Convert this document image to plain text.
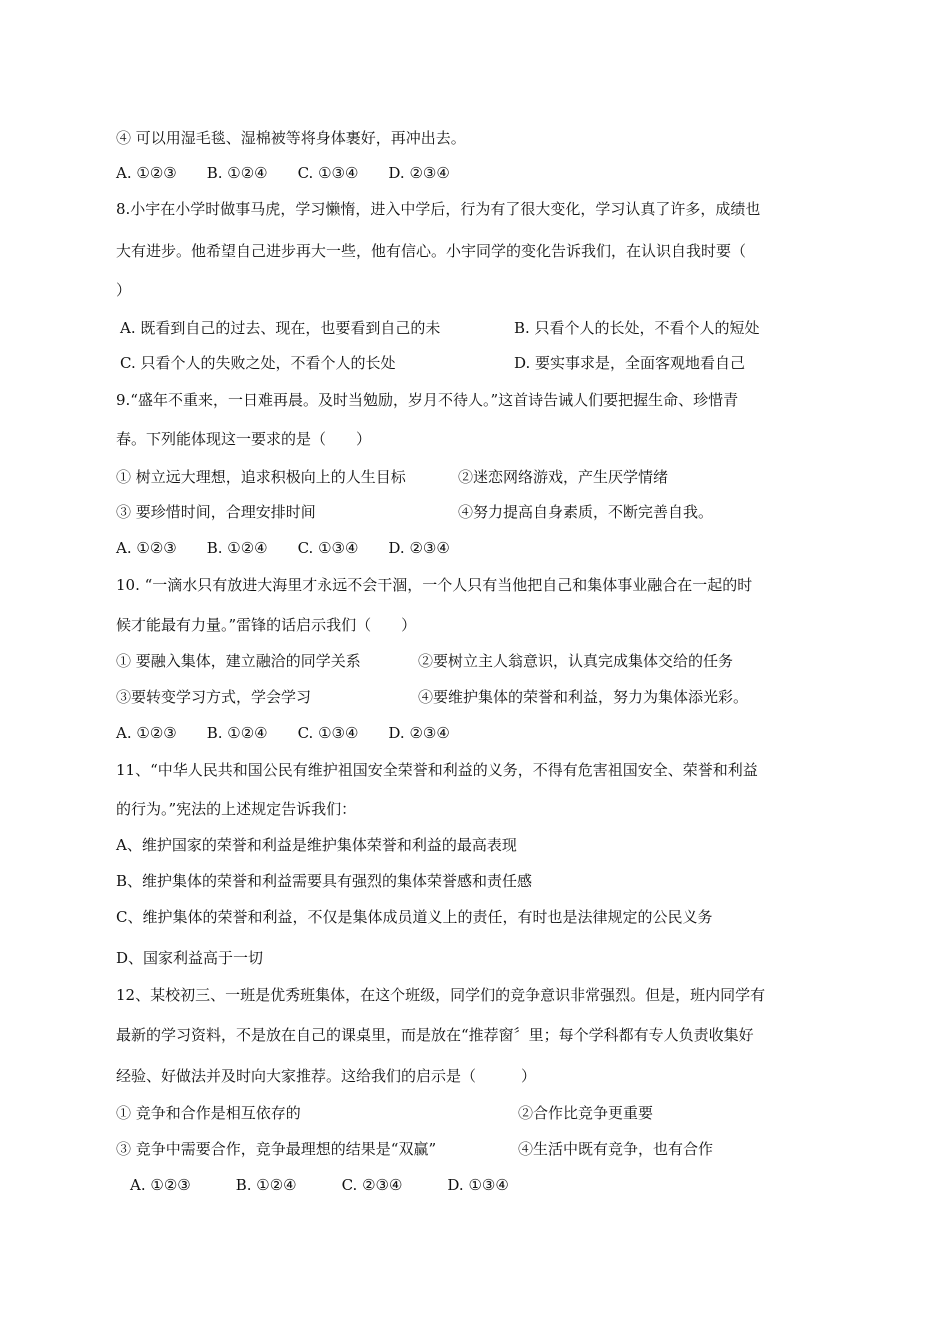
④ 可以用湿毛毯、湿棉被等将身体裹好，再冲出去。
A. ①②③　　B. ①②④　　C. ①③④　　D. ②③④
8.小宇在小学时做事马虎，学习懒惰，进入中学后，行为有了很大变化，学习认真了许多，成绩也
大有进步。他希望自己进步再大一些，他有信心。小宇同学的变化告诉我们，在认识自我时要（
）
A. 既看到自己的过去、现在，也要看到自己的未	B. 只看个人的长处，不看个人的短处
C. 只看个人的失败之处，不看个人的长处	D. 要实事求是，全面客观地看自己
9.“盛年不重来，一日难再晨。及时当勉励，岁月不待人。”这首诗告诫人们要把握生命、珍惜青
春。下列能体现这一要求的是（　　）
① 树立远大理想，追求积极向上的人生目标	②迷恋网络游戏，产生厌学情绪
③ 要珍惜时间，合理安排时间	④努力提高自身素质，不断完善自我。
A. ①②③　　B. ①②④　　C. ①③④　　D. ②③④
10. “一滴水只有放进大海里才永远不会干涸，一个人只有当他把自己和集体事业融合在一起的时
候才能最有力量。”雷锋的话启示我们（　　）
① 要融入集体，建立融洽的同学关系	②要树立主人翁意识，认真完成集体交给的任务
③要转变学习方式，学会学习	④要维护集体的荣誉和利益，努力为集体添光彩。
A. ①②③　　B. ①②④　　C. ①③④　　D. ②③④
11、“中华人民共和国公民有维护祖国安全荣誉和利益的义务，不得有危害祖国安全、荣誉和利益
的行为。”宪法的上述规定告诉我们：
A、维护国家的荣誉和利益是维护集体荣誉和利益的最高表现
B、维护集体的荣誉和利益需要具有强烈的集体荣誉感和责任感
C、维护集体的荣誉和利益，不仅是集体成员道义上的责任，有时也是法律规定的公民义务
D、国家利益高于一切
12、某校初三、一班是优秀班集体，在这个班级，同学们的竞争意识非常强烈。但是，班内同学有
最新的学习资料，不是放在自己的课桌里，而是放在“推荐窗〞里；每个学科都有专人负责收集好
经验、好做法并及时向大家推荐。这给我们的启示是（　　　）
① 竞争和合作是相互依存的	②合作比竞争更重要
③ 竞争中需要合作，竞争最理想的结果是“双赢”	④生活中既有竞争，也有合作
A. ①②③　　　B. ①②④　　　C. ②③④　　　D. ①③④
